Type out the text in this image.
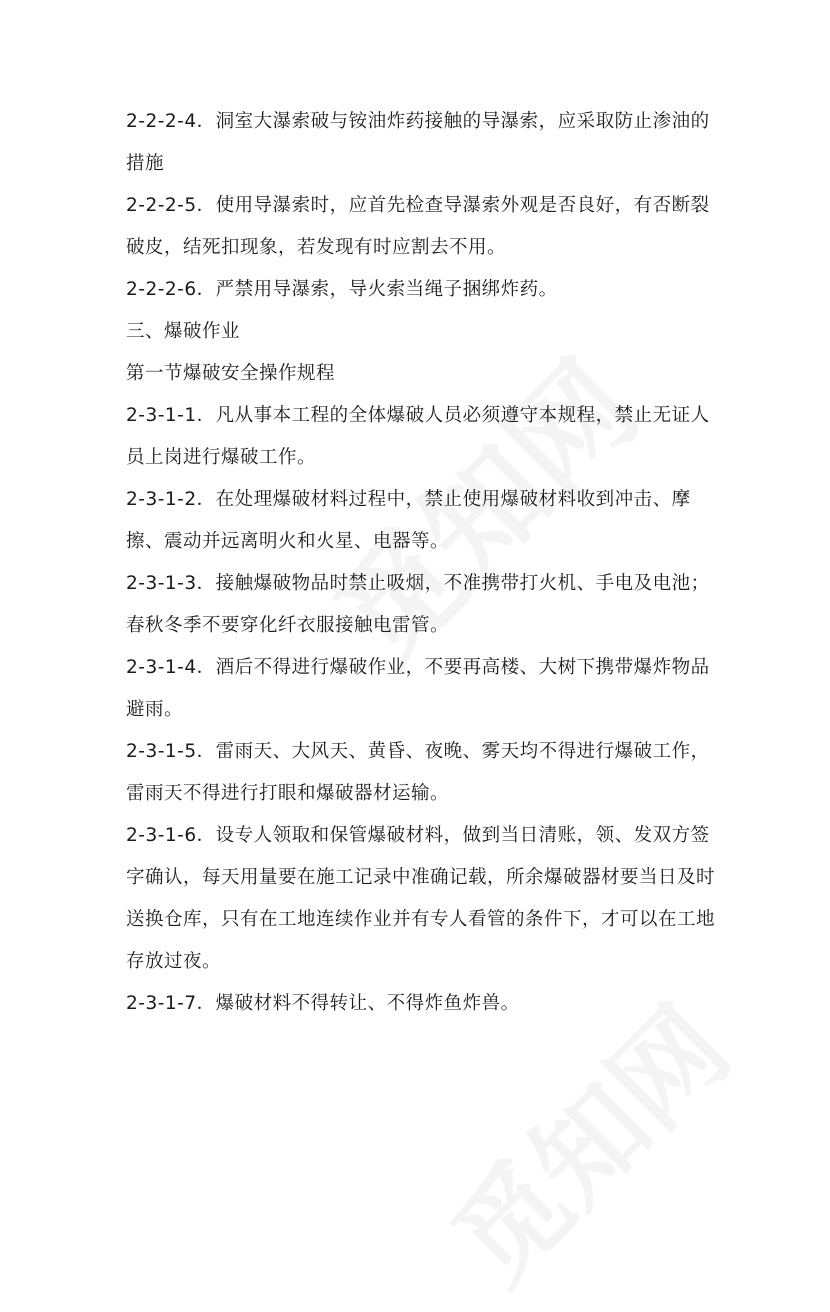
2-2-2-4．洞室大瀑索破与铵油炸药接触的导瀑索，应采取防止渗油的措施

2-2-2-5．使用导瀑索时，应首先检查导瀑索外观是否良好，有否断裂破皮，结死扣现象，若发现有时应割去不用。

2-2-2-6．严禁用导瀑索，导火索当绳子捆绑炸药。

三、爆破作业

第一节爆破安全操作规程

2-3-1-1．凡从事本工程的全体爆破人员必须遵守本规程，禁止无证人员上岗进行爆破工作。

2-3-1-2．在处理爆破材料过程中，禁止使用爆破材料收到冲击、摩擦、震动并远离明火和火星、电器等。

2-3-1-3．接触爆破物品时禁止吸烟，不准携带打火机、手电及电池；春秋冬季不要穿化纤衣服接触电雷管。

2-3-1-4．酒后不得进行爆破作业，不要再高楼、大树下携带爆炸物品避雨。

2-3-1-5．雷雨天、大风天、黄昏、夜晚、雾天均不得进行爆破工作，雷雨天不得进行打眼和爆破器材运输。

2-3-1-6．设专人领取和保管爆破材料，做到当日清账，领、发双方签字确认，每天用量要在施工记录中准确记载，所余爆破器材要当日及时送换仓库，只有在工地连续作业并有专人看管的条件下，才可以在工地存放过夜。

2-3-1-7．爆破材料不得转让、不得炸鱼炸兽。
